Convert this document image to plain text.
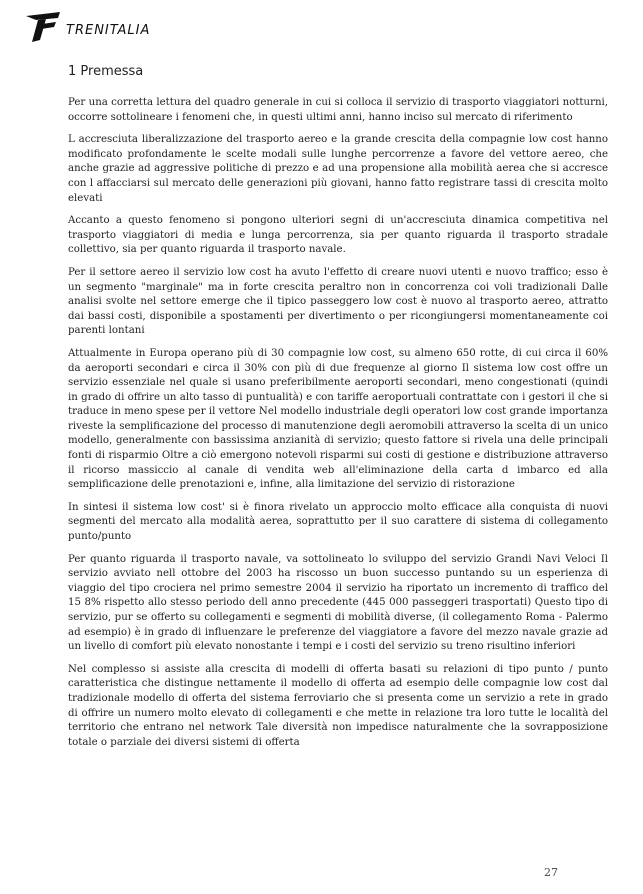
TRENITALIA
1 Premessa

Per una corretta lettura del quadro generale in cui si colloca il servizio di trasporto viaggiatori notturni, occorre sottolineare i fenomeni che, in questi ultimi anni, hanno inciso sul mercato di riferimento

L accresciuta liberalizzazione del trasporto aereo e la grande crescita della compagnie low cost hanno modificato profondamente le scelte modali sulle lunghe percorrenze a favore del vettore aereo, che anche grazie ad aggressive politiche di prezzo e ad una propensione alla mobilità aerea che si accresce con l affacciarsi sul mercato delle generazioni più giovani, hanno fatto registrare tassi di crescita molto elevati

Accanto a questo fenomeno si pongono ulteriori segni di un'accresciuta dinamica competitiva nel trasporto viaggiatori di media e lunga percorrenza, sia per quanto riguarda il trasporto stradale collettivo, sia per quanto riguarda il trasporto navale.

Per il settore aereo il servizio low cost ha avuto l'effetto di creare nuovi utenti e nuovo traffico; esso è un segmento "marginale" ma in forte crescita peraltro non in concorrenza coi voli tradizionali Dalle analisi svolte nel settore emerge che il tipico passeggero low cost è nuovo al trasporto aereo, attratto dai bassi costi, disponibile a spostamenti per divertimento o per ricongiungersi momentaneamente coi parenti lontani

Attualmente in Europa operano più di 30 compagnie low cost, su almeno 650 rotte, di cui circa il 60% da aeroporti secondari e circa il 30% con più di due frequenze al giorno Il sistema low cost offre un servizio essenziale nel quale si usano preferibilmente aeroporti secondari, meno congestionati (quindi in grado di offrire un alto tasso di puntualità) e con tariffe aeroportuali contrattate con i gestori il che si traduce in meno spese per il vettore Nel modello industriale degli operatori low cost grande importanza riveste la semplificazione del processo di manutenzione degli aeromobili attraverso la scelta di un unico modello, generalmente con bassissima anzianità di servizio; questo fattore si rivela una delle principali fonti di risparmio Oltre a ciò emergono notevoli risparmi sui costi di gestione e distribuzione attraverso il ricorso massiccio al canale di vendita web all'eliminazione della carta d imbarco ed alla semplificazione delle prenotazioni e, infine, alla limitazione del servizio di ristorazione

In sintesi il sistema low cost' si è finora rivelato un approccio molto efficace alla conquista di nuovi segmenti del mercato alla modalità aerea, soprattutto per il suo carattere di sistema di collegamento punto/punto

Per quanto riguarda il trasporto navale, va sottolineato lo sviluppo del servizio Grandi Navi Veloci Il servizio avviato nell ottobre del 2003 ha riscosso un buon successo puntando su un esperienza di viaggio del tipo crociera nel primo semestre 2004 il servizio ha riportato un incremento di traffico del 15 8% rispetto allo stesso periodo dell anno precedente (445 000 passeggeri trasportati) Questo tipo di servizio, pur se offerto su collegamenti e segmenti di mobilità diverse, (il collegamento Roma - Palermo ad esempio) è in grado di influenzare le preferenze del viaggiatore a favore del mezzo navale grazie ad un livello di comfort più elevato nonostante i tempi e i costi del servizio su treno risultino inferiori

Nel complesso si assiste alla crescita di modelli di offerta basati su relazioni di tipo punto / punto caratteristica che distingue nettamente il modello di offerta ad esempio delle compagnie low cost dal tradizionale modello di offerta del sistema ferroviario che si presenta come un servizio a rete in grado di offrire un numero molto elevato di collegamenti e che mette in relazione tra loro tutte le località del territorio che entrano nel network Tale diversità non impedisce naturalmente che la sovrapposizione totale o parziale dei diversi sistemi di offerta

27
